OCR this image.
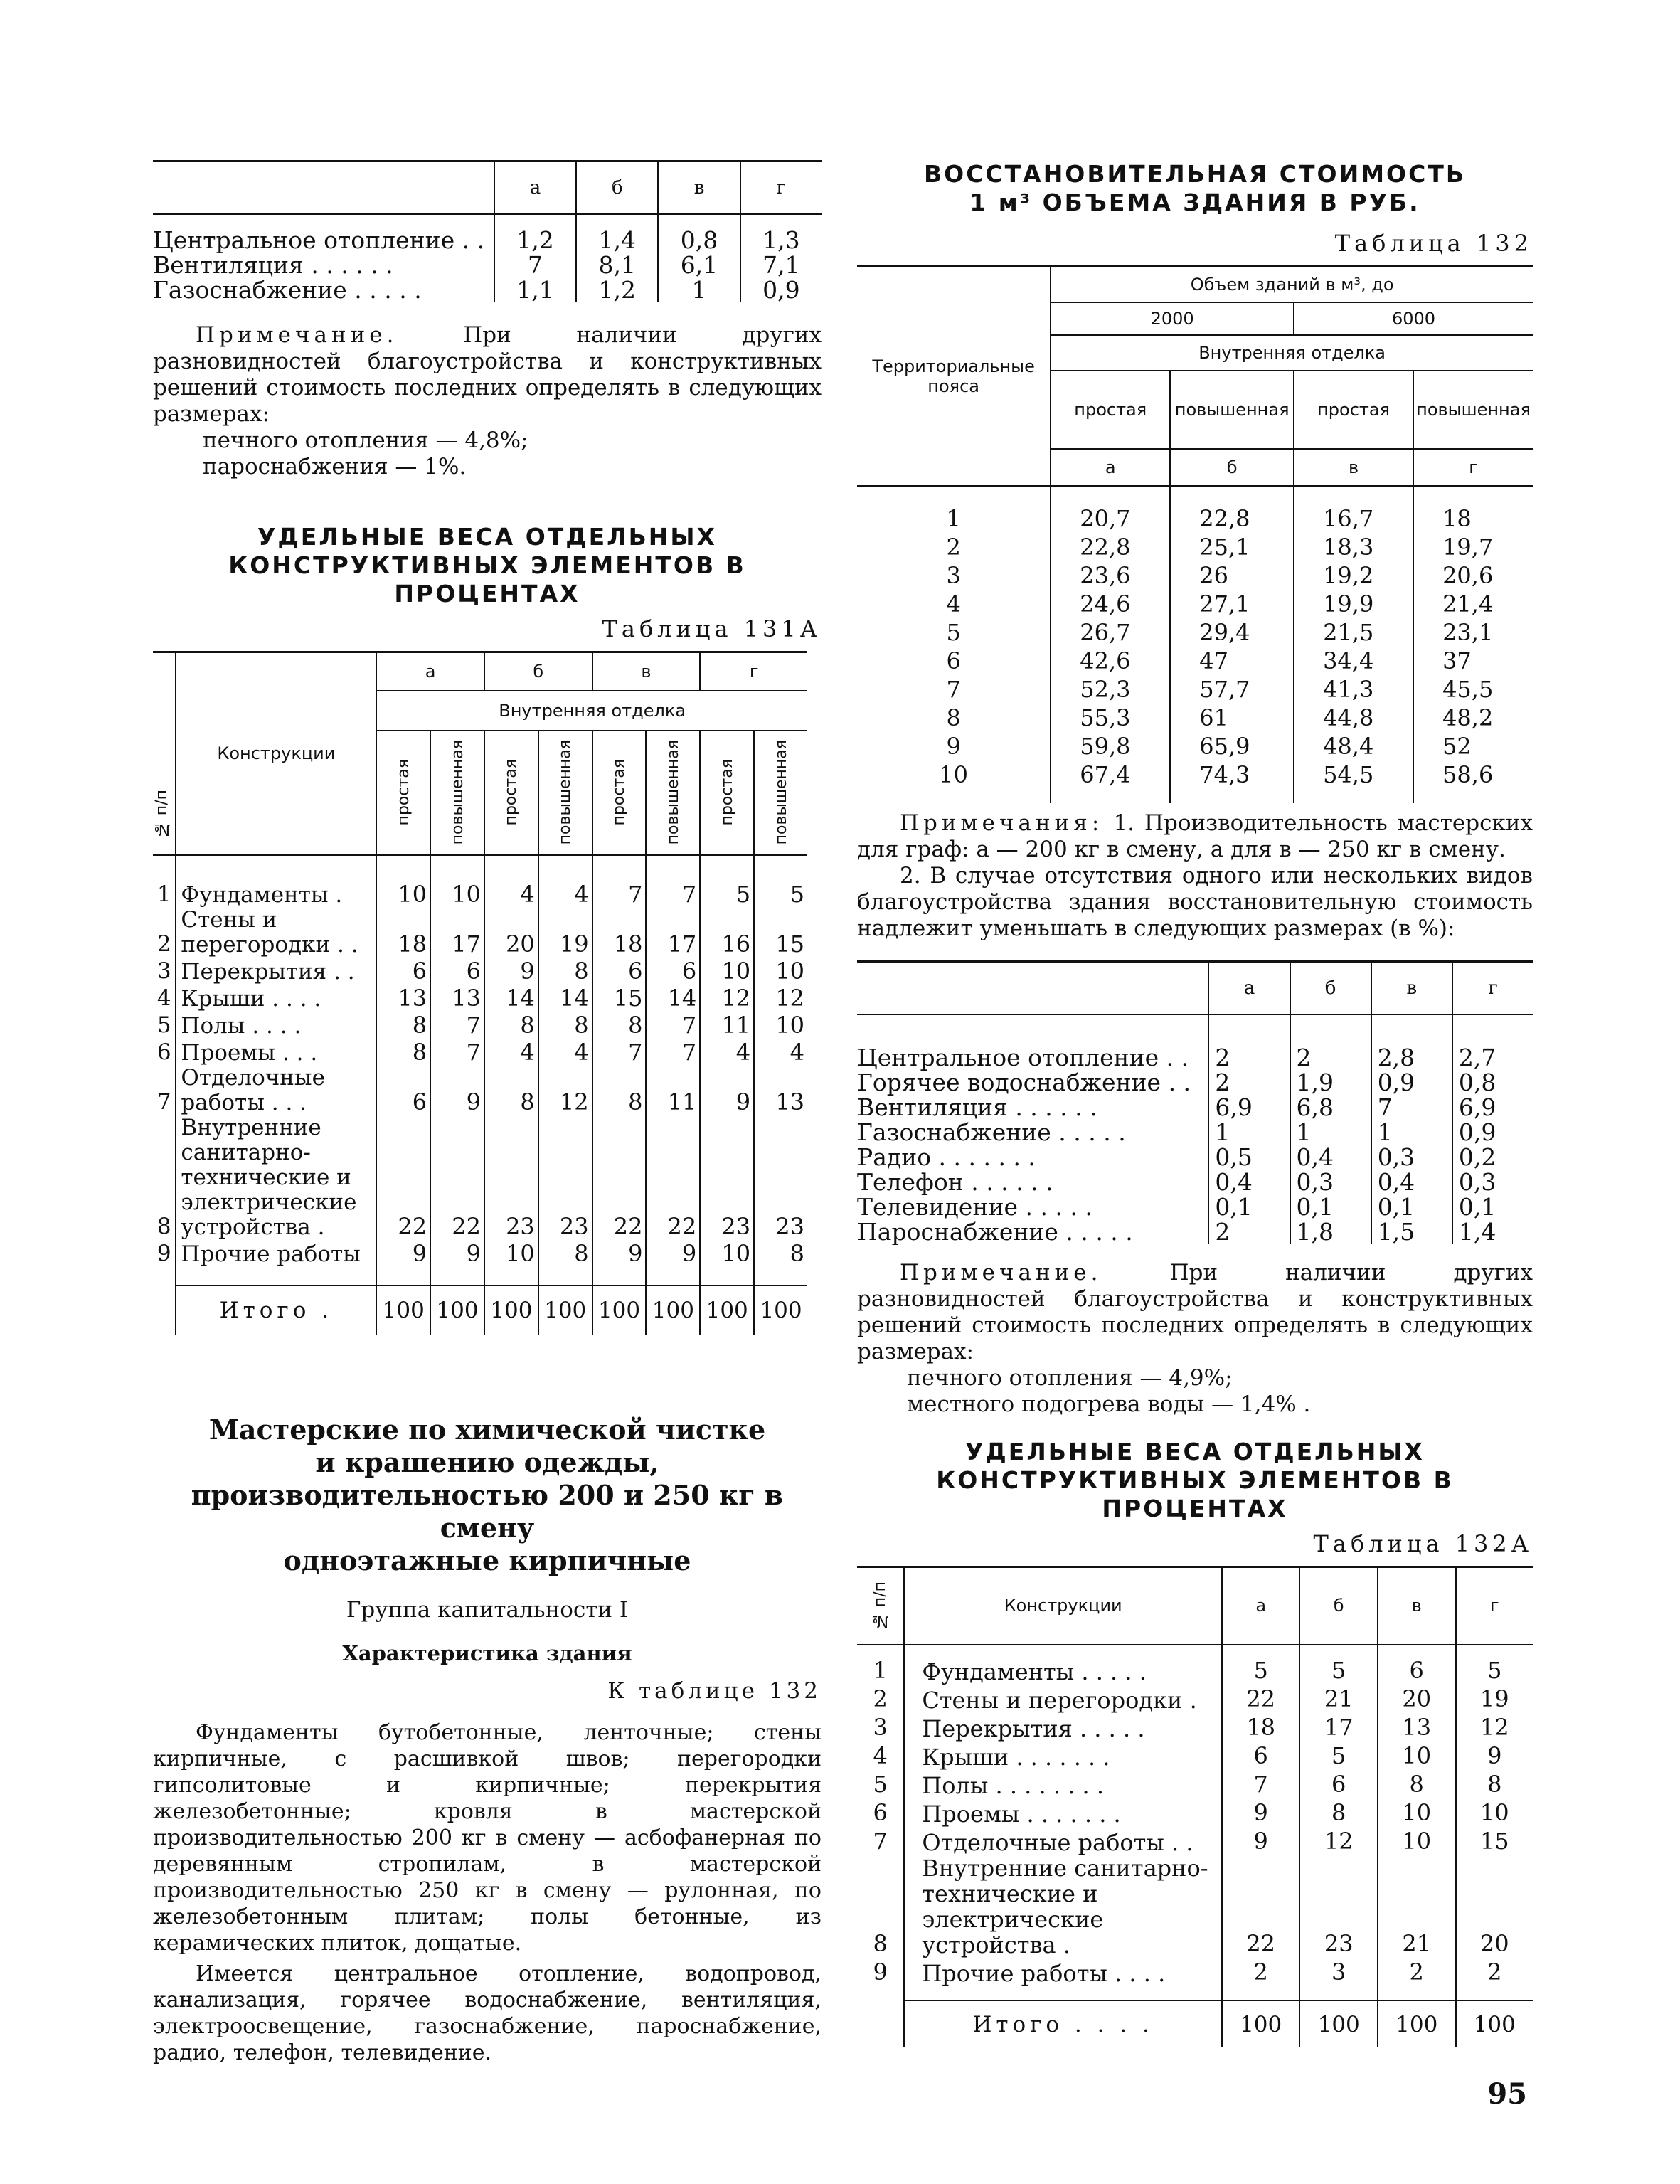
	а	б	в	г

Центральное отопление . .	1,2	1,4	0,8	1,3
Вентиляция . . . . . .	7	8,1	6,1	7,1
Газоснабжение . . . . .	1,1	1,2	1	0,9
Примечание.	При наличии других разновидностей благоустройства и конструктивных решений стоимость последних определять в следующих размерах:
печного отопления — 4,8%;
пароснабжения — 1%.
УДЕЛЬНЫЕ ВЕСА ОТДЕЛЬНЫХ
КОНСТРУКТИВНЫХ ЭЛЕМЕНТОВ В ПРОЦЕНТАХ
Таблица 131А
№ п/п	Конструкции	а		б		в		г	
		Внутренняя отделка							

		простая	повышенная	простая	повышенная	простая	повышенная	простая	повышенная

1	Фундаменты .	10	10	4	4	7	7	5	5
2	Стены и перегородки . .	18	17	20	19	18	17	16	15
3	Перекрытия . .	6	6	9	8	6	6	10	10
4	Крыши . . . .	13	13	14	14	15	14	12	12
5	Полы . . . .	8	7	8	8	8	7	11	10
6	Проемы . . .	8	7	4	4	7	7	4	4
7	Отделочные работы . . .	6	9	8	12	8	11	9	13
8	Внутренние санитарно-технические и электрические устройства .	22	22	23	23	22	22	23	23
9	Прочие работы	9	9	10	8	9	9	10	8

	Итого .	100	100	100	100	100	100	100	100
Мастерские по химической чистке
и крашению одежды,
производительностью 200 и 250 кг в смену
одноэтажные кирпичные
Группа капитальности I
Характеристика здания
К таблице 132
Фундаменты бутобетонные, ленточные; стены кирпичные, с расшивкой швов; перегородки гипсолитовые и кирпичные; перекрытия железобетонные; кровля в мастерской производительностью 200 кг в смену — асбофанерная по деревянным стропилам, в мастерской производительностью 250 кг в смену — рулонная, по железобетонным плитам; полы бетонные, из керамических плиток, дощатые.
Имеется центральное отопление, водопровод, канализация, горячее водоснабжение, вентиляция, электроосвещение, газоснабжение, пароснабжение, радио, телефон, телевидение.
ВОССТАНОВИТЕЛЬНАЯ СТОИМОСТЬ
1 м³ ОБЪЕМА ЗДАНИЯ В РУБ.
Таблица 132
Территориальные пояса	Объем зданий в м³, до			
	2000		6000	
	Внутренняя отделка			
	простая	повышенная	простая	повышенная
	а	б	в	г

1	20,7	22,8	16,7	18
2	22,8	25,1	18,3	19,7
3	23,6	26	19,2	20,6
4	24,6	27,1	19,9	21,4
5	26,7	29,4	21,5	23,1
6	42,6	47	34,4	37
7	52,3	57,7	41,3	45,5
8	55,3	61	44,8	48,2
9	59,8	65,9	48,4	52
10	67,4	74,3	54,5	58,6

Примечания: 1. Производительность мастерских для граф: а — 200 кг в смену, а для в — 250 кг в смену.
2. В случае отсутствия одного или нескольких видов благоустройства здания восстановительную стоимость надлежит уменьшать в следующих размерах (в %):
	а	б	в	г

Центральное отопление . .	2	2	2,8	2,7
Горячее водоснабжение . .	2	1,9	0,9	0,8
Вентиляция . . . . . .	6,9	6,8	7	6,9
Газоснабжение . . . . .	1	1	1	0,9
Радио . . . . . . .	0,5	0,4	0,3	0,2
Телефон . . . . . .	0,4	0,3	0,4	0,3
Телевидение . . . . .	0,1	0,1	0,1	0,1
Пароснабжение . . . . .	2	1,8	1,5	1,4
Примечание.	При наличии других разновидностей благоустройства и конструктивных решений стоимость последних определять в следующих размерах:
печного отопления — 4,9%;
местного подогрева воды — 1,4% .
УДЕЛЬНЫЕ ВЕСА ОТДЕЛЬНЫХ
КОНСТРУКТИВНЫХ ЭЛЕМЕНТОВ В ПРОЦЕНТАХ
Таблица 132А
№ п/п	Конструкции	а	б	в	г

1	Фундаменты . . . . .	5	5	6	5
2	Стены и перегородки .	22	21	20	19
3	Перекрытия . . . . .	18	17	13	12
4	Крыши . . . . . . .	6	5	10	9
5	Полы . . . . . . . .	7	6	8	8
6	Проемы . . . . . . .	9	8	10	10
7	Отделочные работы . .	9	12	10	15
8	Внутренние санитарно-технические и электрические устройства .	22	23	21	20
9	Прочие работы . . . .	2	3	2	2

	Итого . . . .	100	100	100	100
95
